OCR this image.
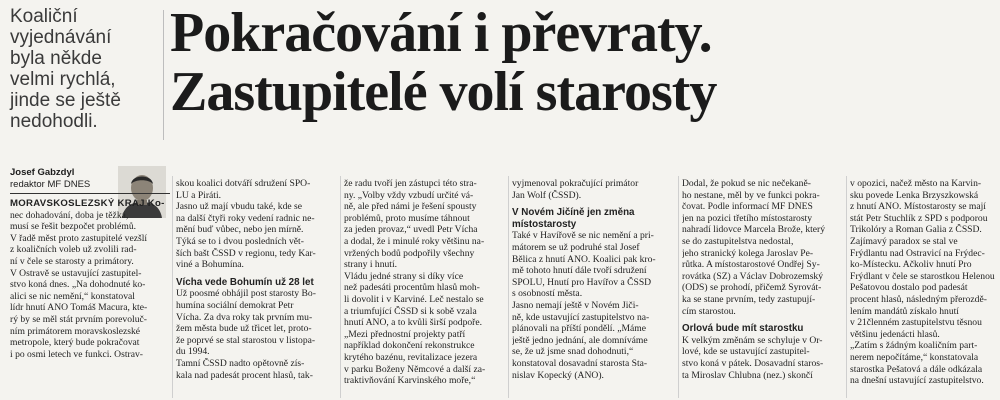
Koaliční
vyjednávání
byla někde
velmi rychlá,
jinde se ještě
nedohodli.
Pokračování i převraty.
Zastupitelé volí starosty
Josef Gabzdyl
redaktor MF DNES
MORAVSKOSLEZSKÝ KRAJ Ko-
nec dohadování, doba je těžká,
musí se řešit bezpočet problémů.
V řadě měst proto zastupitelé vezšlí
z koaličních voleb už zvolili rad-
ní v čele se starosty a primátory.
V Ostravě se ustavující zastupitel-
stvo koná dnes. „Na dohodnuté ko-
alici se nic nemění,“ konstatoval
lídr hnutí ANO Tomáš Macura, kte-
rý by se měl stát prvním porevoluč-
ním primátorem moravskoslezské
metropole, který bude pokračovat
i po osmi letech ve funkci. Ostrav-
skou koalici dotváří sdružení SPO-
LU a Piráti.
Jasno už mají vbudu také, kde se
na další čtyři roky vedení radnic ne-
mění buď vůbec, nebo jen mírně.
Týká se to i dvou posledních vět-
ších bašt ČSSD v regionu, tedy Kar-
viné a Bohumína.
Vícha vede Bohumín už 28 let
Už poosmé obhájil post starosty Bo-
humína sociální demokrat Petr
Vícha. Za dva roky tak prvním mu-
žem města bude už třicet let, proto-
že poprvé se stal starostou v listopa-
du 1994.
Tamní ČSSD nadto opětovně zís-
kala nad padesát procent hlasů, tak-
že radu tvoří jen zástupci této stra-
ny. „Volby vždy vzbudí určité vá-
ně, ale před námi je řešení spousty
problémů, proto musíme táhnout
za jeden provaz,“ uvedl Petr Vícha
a dodal, že i minulé roky většinu na-
vržených bodů podpořily všechny
strany i hnutí.
Vládu jedné strany si díky více
než padesáti procentům hlasů moh-
li dovolit i v Karviné. Leč nestalo se
a triumfující ČSSD si k sobě vzala
hnutí ANO, a to kvůli širší podpoře.
„Mezi přednostní projekty patří
například dokončení rekonstrukce
krytého bazénu, revitalizace jezera
v parku Boženy Němcové a další za-
traktivňování Karvinského moře,“
vyjmenoval pokračující primátor
Jan Wolf (ČSSD).
V Novém Jičíně jen změna
místostarosty
Také v Havířově se nic nemění a pri-
mátorem se už podruhé stal Josef
Bělica z hnutí ANO. Koalici pak kro-
mě tohoto hnutí dále tvoří sdružení
SPOLU, Hnutí pro Havířov a ČSSD
s osobností města.
Jasno nemají ještě v Novém Jiči-
ně, kde ustavující zastupitelstvo na-
plánovali na příští pondělí. „Máme
ještě jedno jednání, ale domníváme
se, že už jsme snad dohodnuti,“
konstatoval dosavadní starosta Sta-
nislav Kopecký (ANO).
Dodal, že pokud se nic nečekaně-
ho nestane, měl by ve funkci pokra-
čovat. Podle informací MF DNES
jen na pozici třetího místostarosty
nahradí lidovce Marcela Brože, který
se do zastupitelstva nedostal,
jeho stranický kolega Jaroslav Pe-
růtka. A místostarostové Ondřej Sy-
rovátka (SZ) a Václav Dobrozemský
(ODS) se prohodí, přičemž Syrovát-
ka se stane prvním, tedy zastupují-
cím starostou.
Orlová bude mít starostku
K velkým změnám se schyluje v Or-
lové, kde se ustavující zastupitel-
stvo koná v pátek. Dosavadní staros-
ta Miroslav Chlubna (nez.) skončí
v opozici, načež město na Karvin-
sku povede Lenka Brzyszkowská
z hnutí ANO. Místostarosty se mají
stát Petr Stuchlík z SPD s podporou
Trikolóry a Roman Galia z ČSSD.
Zajímavý paradox se stal ve
Frýdlantu nad Ostravicí na Frýdec-
ko-Místecku. Ačkoliv hnutí Pro
Frýdlant v čele se starostkou Helenou
Pešatovou dostalo pod padesát
procent hlasů, následným přerozdě-
lením mandátů získalo hnutí
v 21členném zastupitelstvu těsnou
většinu jedenácti hlasů.
„Zatím s žádným koaličním part-
nerem nepočítáme,“ konstatovala
starostka Pešatová a dále odkázala
na dnešní ustavující zastupitelstvo.
